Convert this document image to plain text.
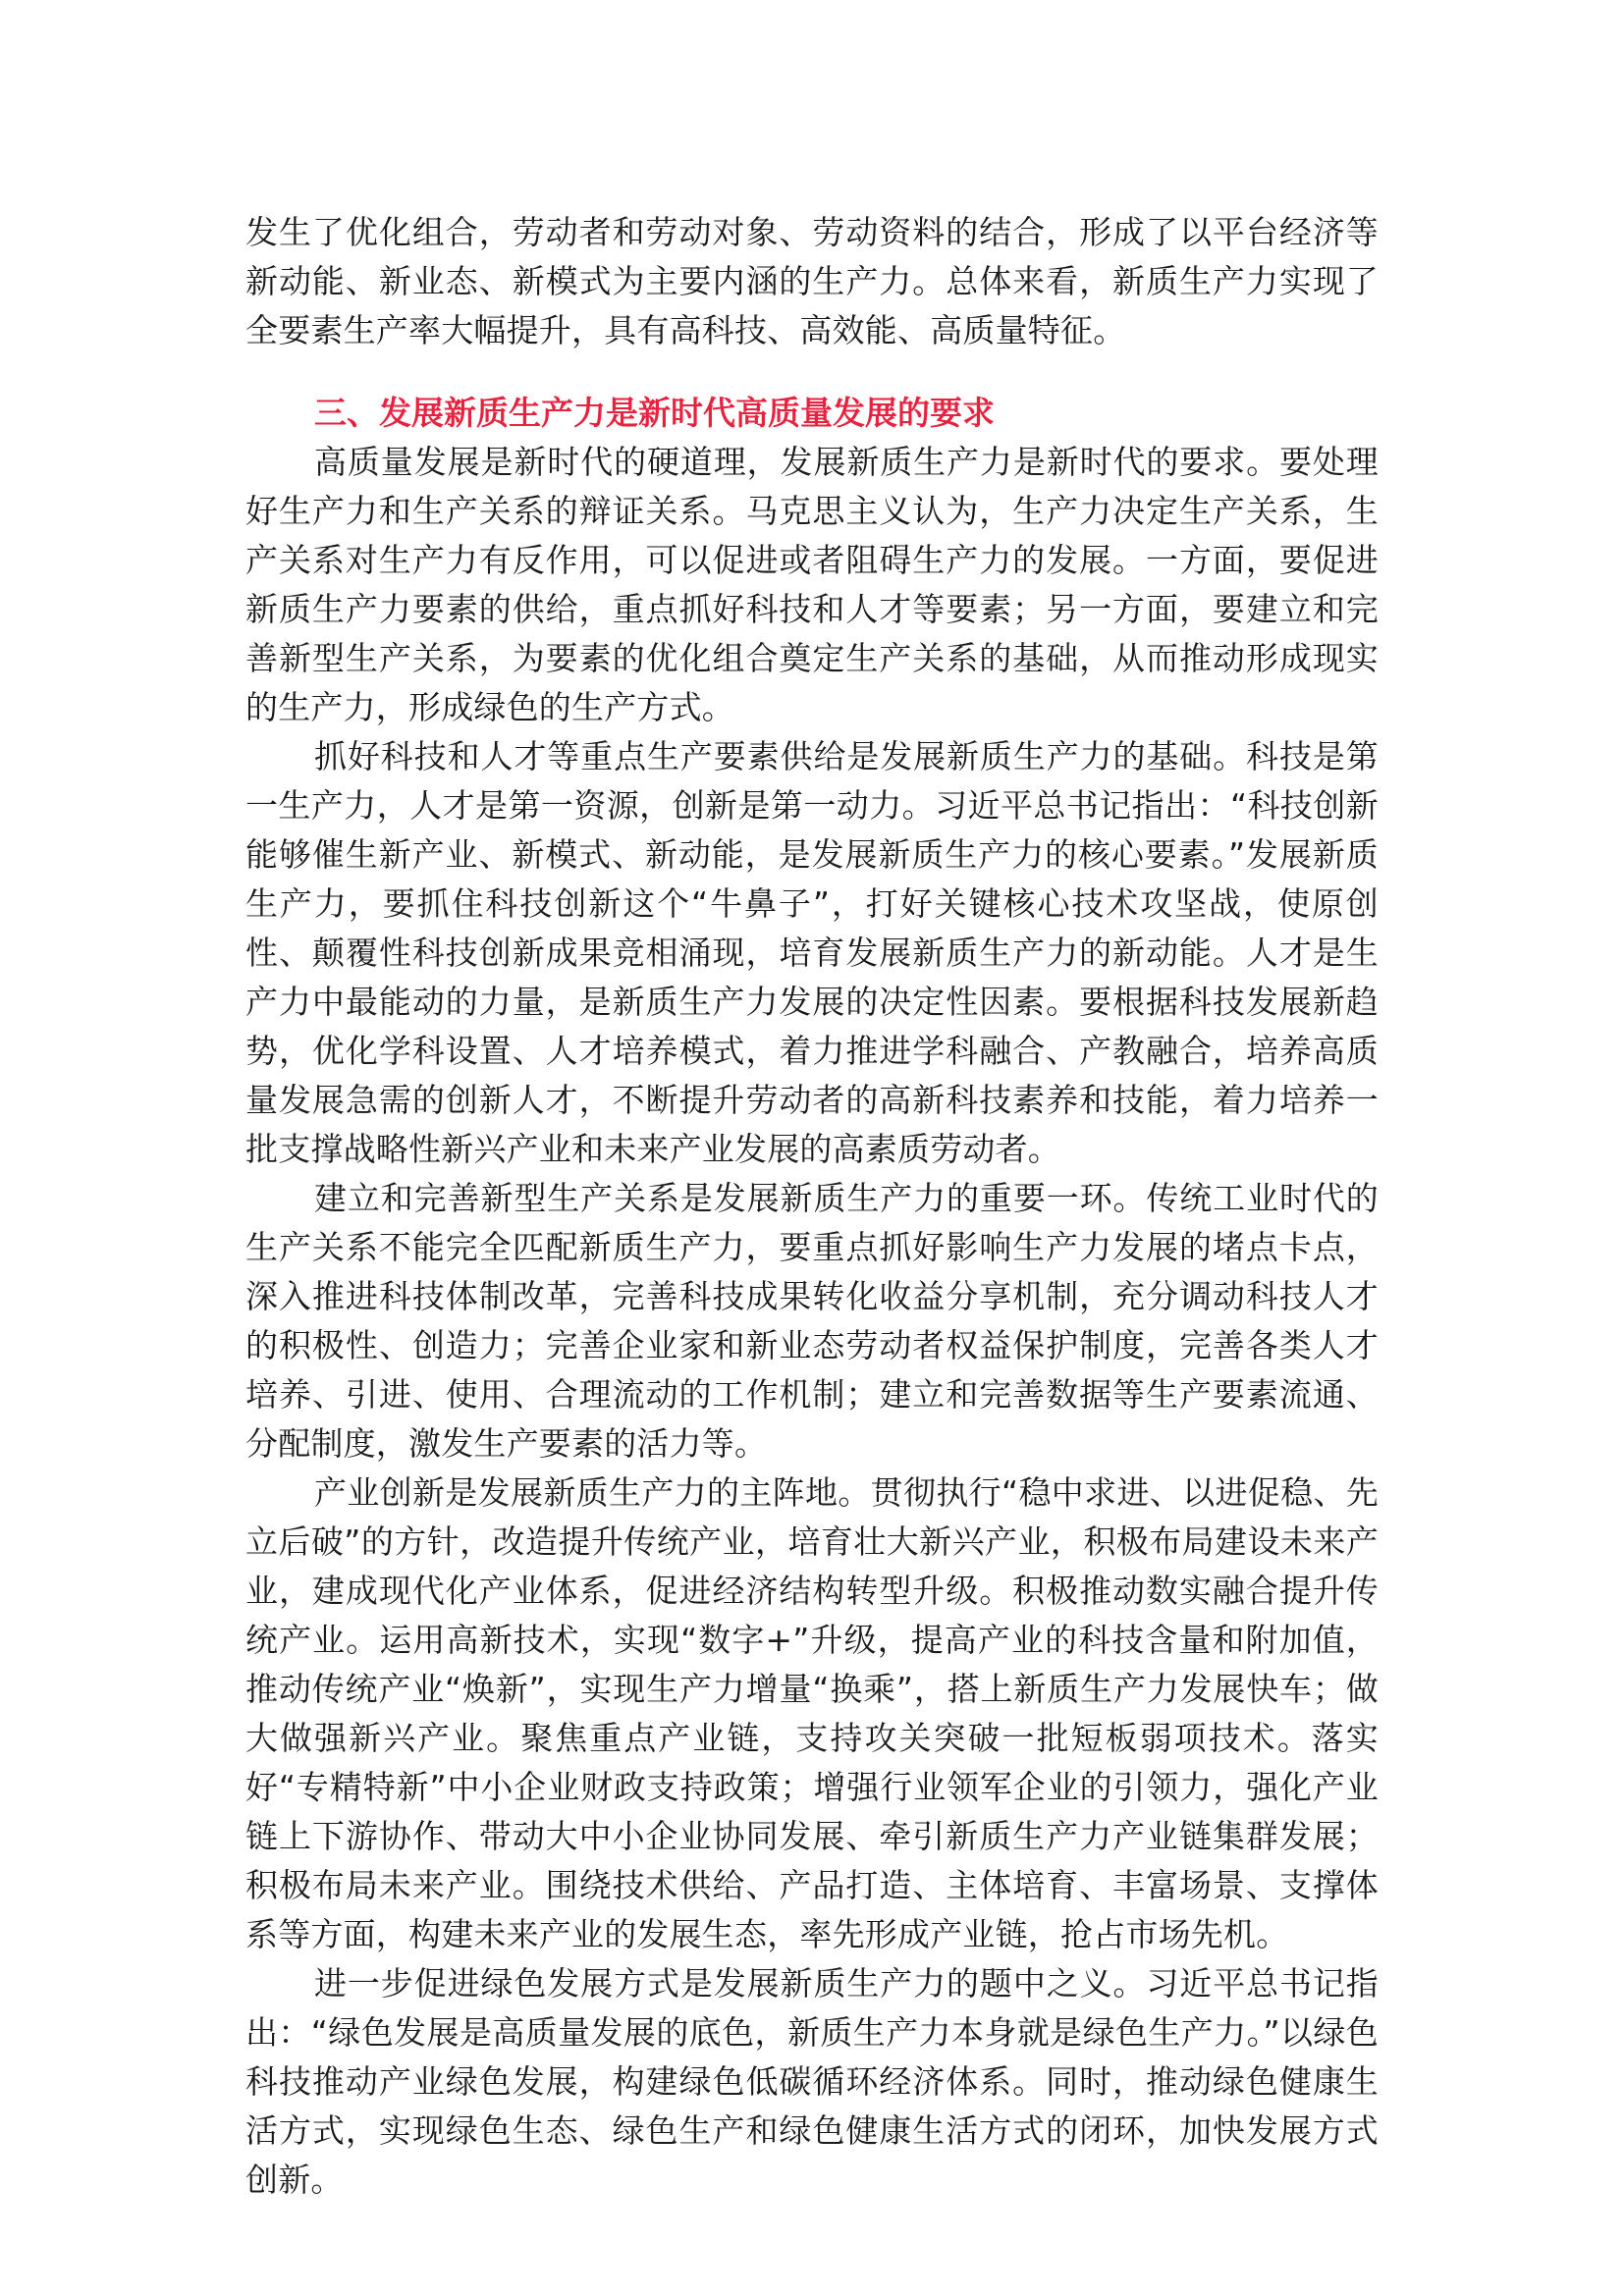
发生了优化组合，劳动者和劳动对象、劳动资料的结合，形成了以平台经济等新动能、新业态、新模式为主要内涵的生产力。总体来看，新质生产力实现了全要素生产率大幅提升，具有高科技、高效能、高质量特征。

三、发展新质生产力是新时代高质量发展的要求

高质量发展是新时代的硬道理，发展新质生产力是新时代的要求。要处理好生产力和生产关系的辩证关系。马克思主义认为，生产力决定生产关系，生产关系对生产力有反作用，可以促进或者阻碍生产力的发展。一方面，要促进新质生产力要素的供给，重点抓好科技和人才等要素；另一方面，要建立和完善新型生产关系，为要素的优化组合奠定生产关系的基础，从而推动形成现实的生产力，形成绿色的生产方式。

抓好科技和人才等重点生产要素供给是发展新质生产力的基础。科技是第一生产力，人才是第一资源，创新是第一动力。习近平总书记指出：“科技创新能够催生新产业、新模式、新动能，是发展新质生产力的核心要素。”发展新质生产力，要抓住科技创新这个“牛鼻子”，打好关键核心技术攻坚战，使原创性、颠覆性科技创新成果竞相涌现，培育发展新质生产力的新动能。人才是生产力中最能动的力量，是新质生产力发展的决定性因素。要根据科技发展新趋势，优化学科设置、人才培养模式，着力推进学科融合、产教融合，培养高质量发展急需的创新人才，不断提升劳动者的高新科技素养和技能，着力培养一批支撑战略性新兴产业和未来产业发展的高素质劳动者。

建立和完善新型生产关系是发展新质生产力的重要一环。传统工业时代的生产关系不能完全匹配新质生产力，要重点抓好影响生产力发展的堵点卡点，深入推进科技体制改革，完善科技成果转化收益分享机制，充分调动科技人才的积极性、创造力；完善企业家和新业态劳动者权益保护制度，完善各类人才培养、引进、使用、合理流动的工作机制；建立和完善数据等生产要素流通、分配制度，激发生产要素的活力等。

产业创新是发展新质生产力的主阵地。贯彻执行“稳中求进、以进促稳、先立后破”的方针，改造提升传统产业，培育壮大新兴产业，积极布局建设未来产业，建成现代化产业体系，促进经济结构转型升级。积极推动数实融合提升传统产业。运用高新技术，实现“数字+”升级，提高产业的科技含量和附加值，推动传统产业“焕新”，实现生产力增量“换乘”，搭上新质生产力发展快车；做大做强新兴产业。聚焦重点产业链，支持攻关突破一批短板弱项技术。落实好“专精特新”中小企业财政支持政策；增强行业领军企业的引领力，强化产业链上下游协作、带动大中小企业协同发展、牵引新质生产力产业链集群发展；积极布局未来产业。围绕技术供给、产品打造、主体培育、丰富场景、支撑体系等方面，构建未来产业的发展生态，率先形成产业链，抢占市场先机。

进一步促进绿色发展方式是发展新质生产力的题中之义。习近平总书记指出：“绿色发展是高质量发展的底色，新质生产力本身就是绿色生产力。”以绿色科技推动产业绿色发展，构建绿色低碳循环经济体系。同时，推动绿色健康生活方式，实现绿色生态、绿色生产和绿色健康生活方式的闭环，加快发展方式创新。
